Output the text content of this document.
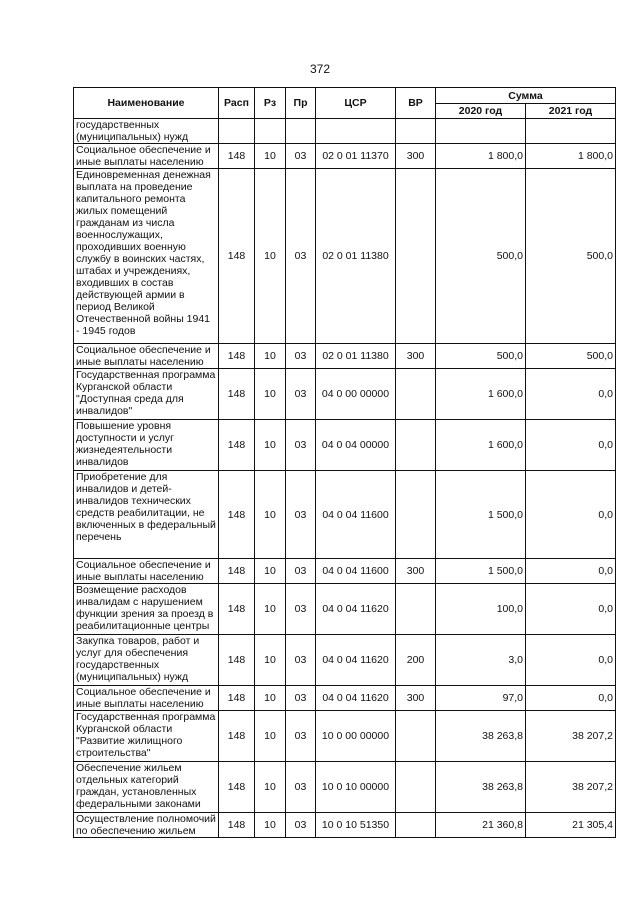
372
Наименование	Расп	Рз	Пр	ЦСР	ВР	Сумма	
						2020 год	2021 год
государственных (муниципальных) нужд							
Социальное обеспечение и иные выплаты населению	148	10	03	02 0 01 11370	300	1 800,0	1 800,0
Единовременная денежная выплата на проведение капитального ремонта жилых помещений гражданам из числа военнослужащих, проходивших военную службу в воинских частях, штабах и учреждениях, входивших в состав действующей армии в период Великой Отечественной войны 1941 - 1945 годов	148	10	03	02 0 01 11380		500,0	500,0
Социальное обеспечение и иные выплаты населению	148	10	03	02 0 01 11380	300	500,0	500,0
Государственная программа Курганской области "Доступная среда для инвалидов"	148	10	03	04 0 00 00000		1 600,0	0,0
Повышение уровня доступности и услуг жизнедеятельности инвалидов	148	10	03	04 0 04 00000		1 600,0	0,0
Приобретение для инвалидов и детей-инвалидов технических средств реабилитации, не включенных в федеральный перечень	148	10	03	04 0 04 11600		1 500,0	0,0
Социальное обеспечение и иные выплаты населению	148	10	03	04 0 04 11600	300	1 500,0	0,0
Возмещение расходов инвалидам с нарушением функции зрения за проезд в реабилитационные центры	148	10	03	04 0 04 11620		100,0	0,0
Закупка товаров, работ и услуг для обеспечения государственных (муниципальных) нужд	148	10	03	04 0 04 11620	200	3,0	0,0
Социальное обеспечение и иные выплаты населению	148	10	03	04 0 04 11620	300	97,0	0,0
Государственная программа Курганской области "Развитие жилищного строительства"	148	10	03	10 0 00 00000		38 263,8	38 207,2
Обеспечение жильем отдельных категорий граждан, установленных федеральными законами	148	10	03	10 0 10 00000		38 263,8	38 207,2
Осуществление полномочий по обеспечению жильем	148	10	03	10 0 10 51350		21 360,8	21 305,4
